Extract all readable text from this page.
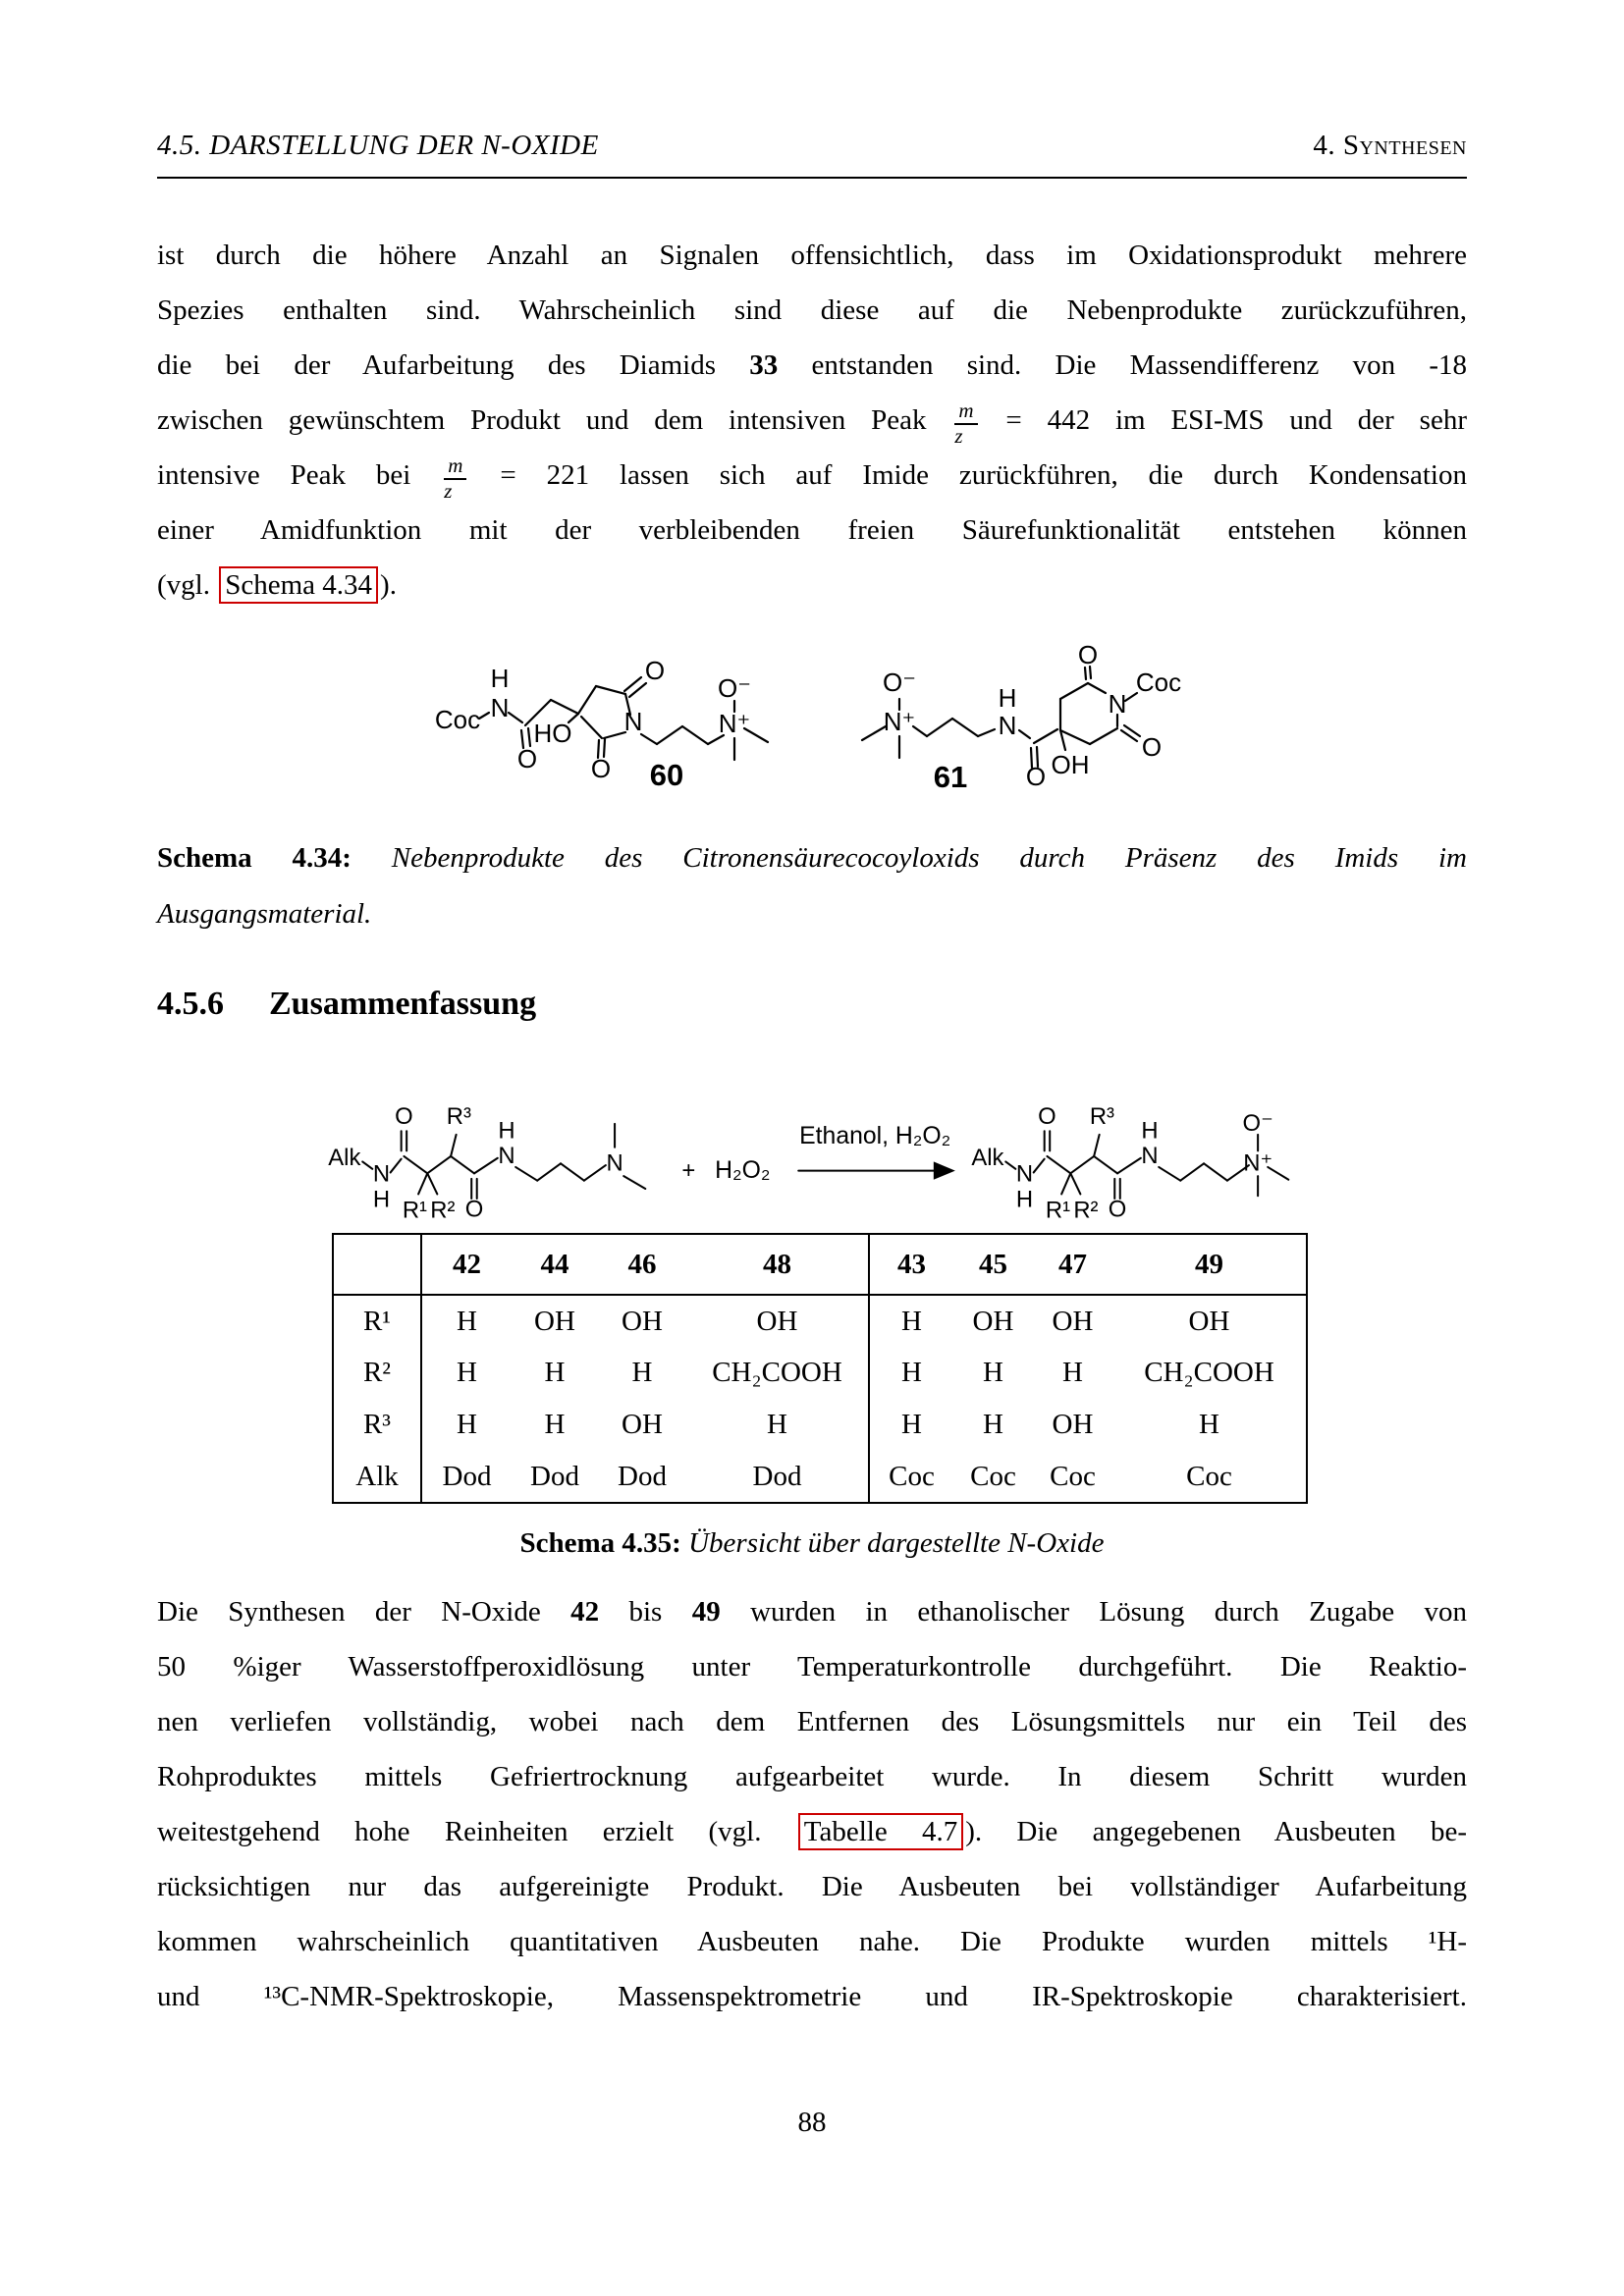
4.5. DARSTELLUNG DER N-OXIDE	4. Synthesen
ist durch die höhere Anzahl an Signalen offensichtlich, dass im Oxidationsprodukt mehrere
Spezies enthalten sind. Wahrscheinlich sind diese auf die Nebenprodukte zurückzuführen,
die bei der Aufarbeitung des Diamids 33 entstanden sind. Die Massendifferenz von -18
zwischen gewünschtem Produkt und dem intensiven Peak $\frac{m}{z} = 442$ im ESI-MS und der sehr
intensive Peak bei $\frac{m}{z} = 221$ lassen sich auf Imide zurückführen, die durch Kondensation
einer Amidfunktion mit der verbleibenden freien Säurefunktionalität entstehen können
(vgl. Schema 4.34 ).
Coc
H
N
O
HO
O
N
O
O⁻
N⁺
60
O⁻
N⁺
H
N
O OH
O
N
Coc
O
61
Schema 4.34: Nebenprodukte des Citronensäurecocoyloxids durch Präsenz des Imids im
Ausgangsmaterial.
4.5.6 Zusammenfassung
Alk
N
H
O
R¹ R²
R³
O
N
H
N + H₂O₂
Ethanol, H₂O₂
Alk
N
H
O
R¹ R²
R³
O
N
H
N⁺
O⁻
	42	44	46	48	43	45	47	49
R¹	H	OH	OH	OH	H	OH	OH	OH
R²	H	H	H	CH₂COOH	H	H	H	CH₂COOH
R³	H	H	OH	H	H	H	OH	H
Alk	Dod	Dod	Dod	Dod	Coc	Coc	Coc	Coc
Schema 4.35: Übersicht über dargestellte N-Oxide
Die Synthesen der N-Oxide 42 bis 49 wurden in ethanolischer Lösung durch Zugabe von
50 %iger Wasserstoffperoxidlösung unter Temperaturkontrolle durchgeführt. Die Reaktio-
nen verliefen vollständig, wobei nach dem Entfernen des Lösungsmittels nur ein Teil des
Rohproduktes mittels Gefriertrocknung aufgearbeitet wurde. In diesem Schritt wurden
weitestgehend hohe Reinheiten erzielt (vgl. Tabelle 4.7 ). Die angegebenen Ausbeuten be-
rücksichtigen nur das aufgereinigte Produkt. Die Ausbeuten bei vollständiger Aufarbeitung
kommen wahrscheinlich quantitativen Ausbeuten nahe. Die Produkte wurden mittels ¹H-
und ¹³C-NMR-Spektroskopie, Massenspektrometrie und IR-Spektroskopie charakterisiert.
88
